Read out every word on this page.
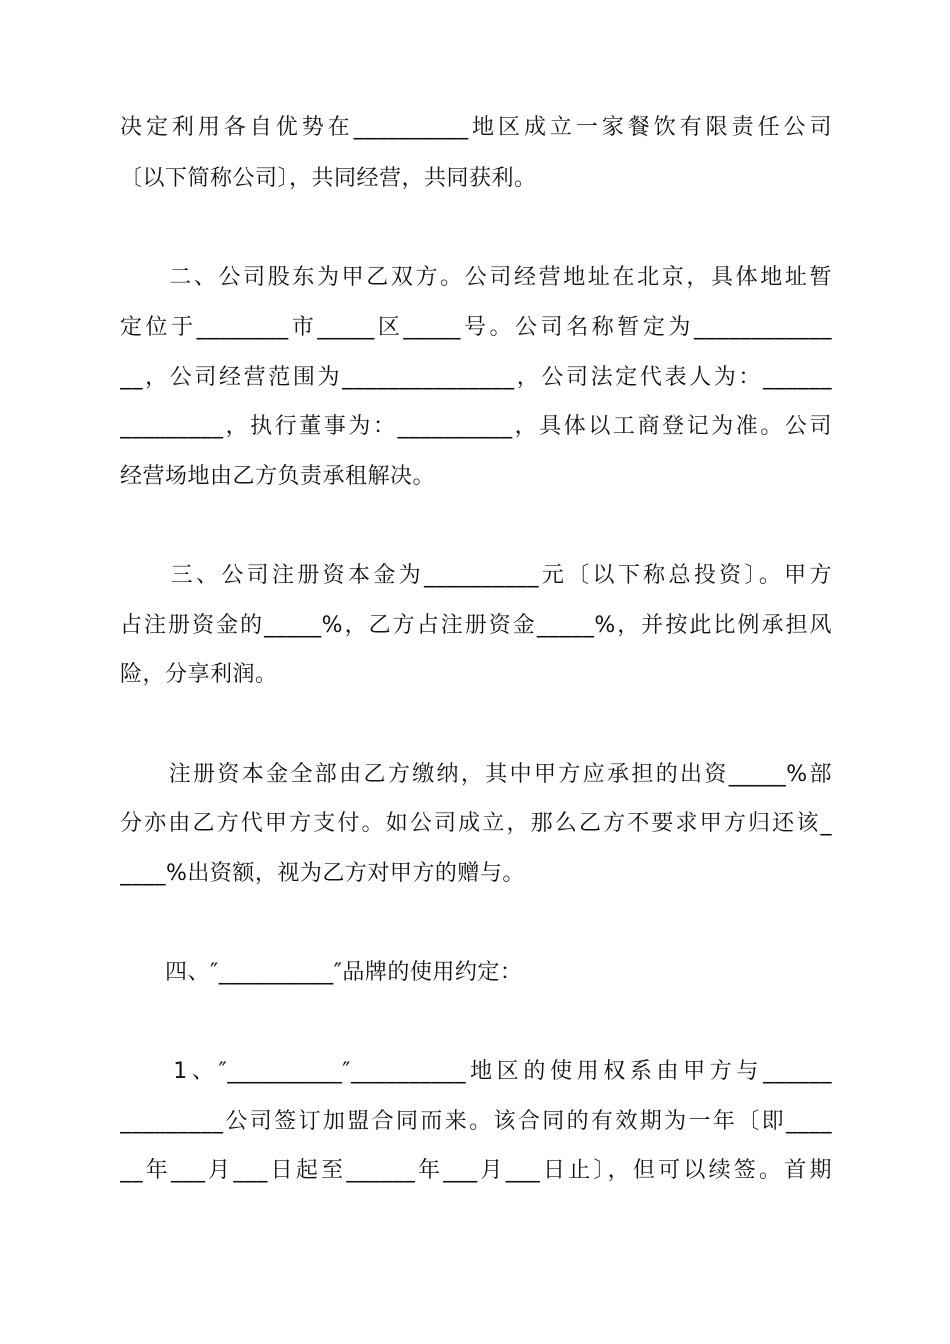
决定利用各自优势在__________地区成立一家餐饮有限责任公司
〔以下简称公司〕，共同经营，共同获利。
　　二、公司股东为甲乙双方。公司经营地址在北京，具体地址暂
定位于________市_____区_____号。公司名称暂定为____________
__，公司经营范围为_______________，公司法定代表人为：______
_________，执行董事为：__________，具体以工商登记为准。公司
经营场地由乙方负责承租解决。
　　三、公司注册资本金为__________元〔以下称总投资〕。甲方
占注册资金的_____%，乙方占注册资金_____%，并按此比例承担风
险，分享利润。
　　注册资本金全部由乙方缴纳，其中甲方应承担的出资_____%部
分亦由乙方代甲方支付。如公司成立，那么乙方不要求甲方归还该_
____%出资额，视为乙方对甲方的赠与。
　　四、″__________″品牌的使用约定：
　　1、″__________″__________地区的使用权系由甲方与______
_________公司签订加盟合同而来。该合同的有效期为一年〔即____
__年___月___日起至______年___月___日止〕，但可以续签。首期
